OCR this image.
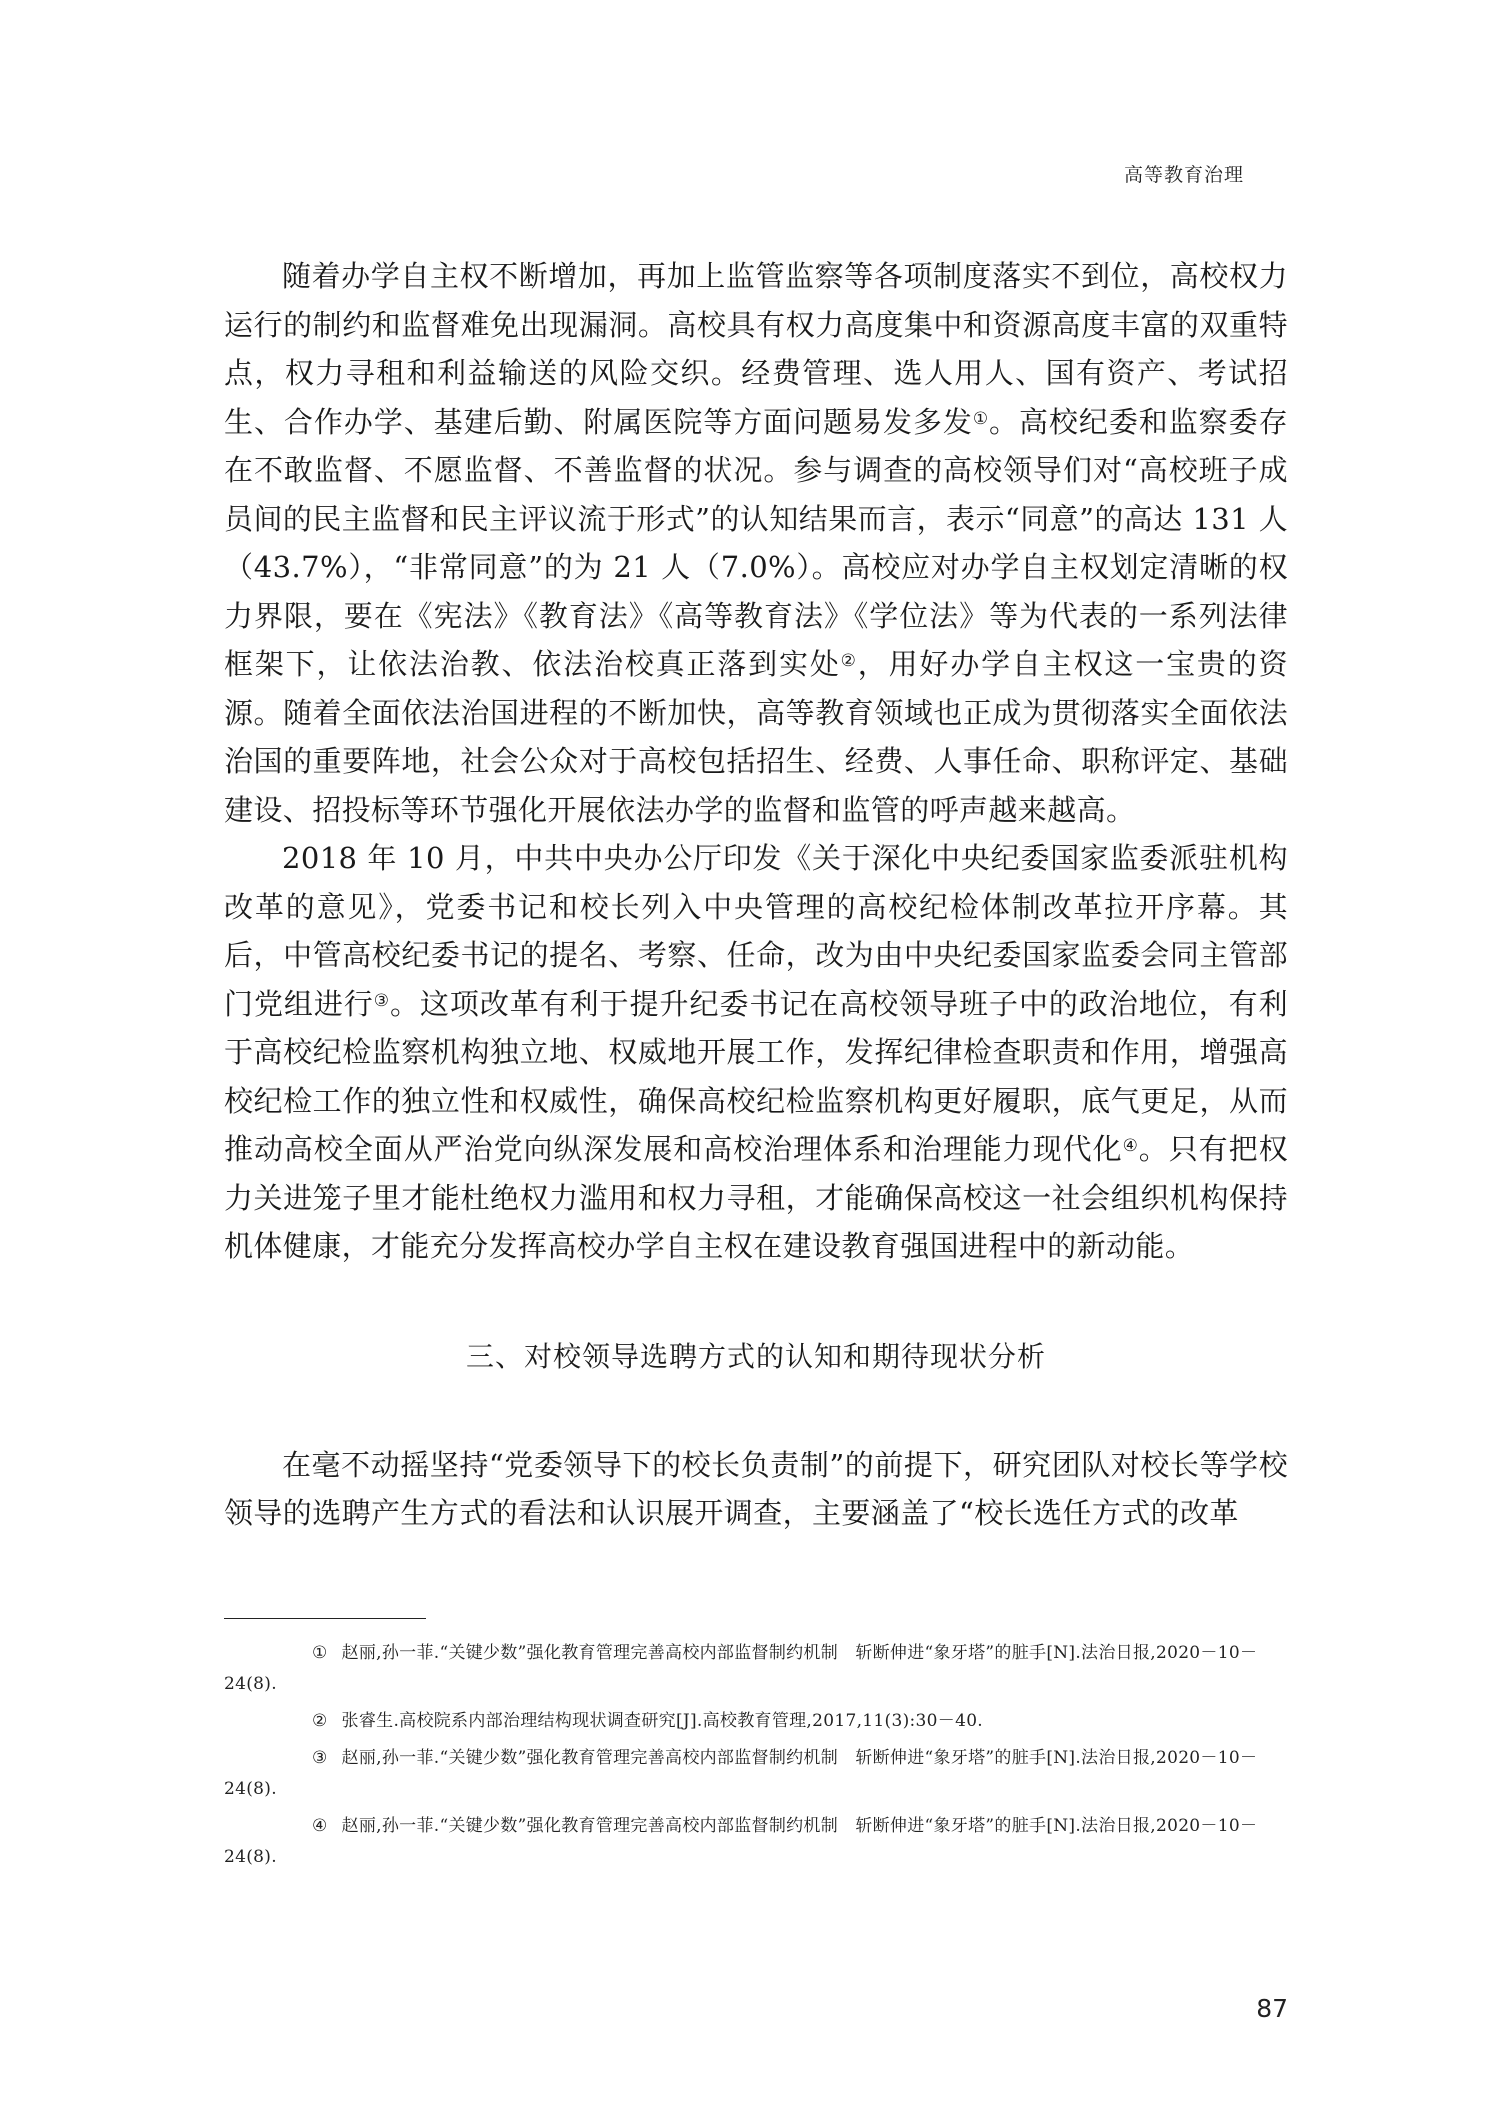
高等教育治理

随着办学自主权不断增加，再加上监管监察等各项制度落实不到位，高校权力运行的制约和监督难免出现漏洞。高校具有权力高度集中和资源高度丰富的双重特点，权力寻租和利益输送的风险交织。经费管理、选人用人、国有资产、考试招生、合作办学、基建后勤、附属医院等方面问题易发多发①。高校纪委和监察委存在不敢监督、不愿监督、不善监督的状况。参与调查的高校领导们对“高校班子成员间的民主监督和民主评议流于形式”的认知结果而言，表示“同意”的高达 131 人（43.7%），“非常同意”的为 21 人（7.0%）。高校应对办学自主权划定清晰的权力界限，要在《宪法》《教育法》《高等教育法》《学位法》等为代表的一系列法律框架下，让依法治教、依法治校真正落到实处②，用好办学自主权这一宝贵的资源。随着全面依法治国进程的不断加快，高等教育领域也正成为贯彻落实全面依法治国的重要阵地，社会公众对于高校包括招生、经费、人事任命、职称评定、基础建设、招投标等环节强化开展依法办学的监督和监管的呼声越来越高。

2018 年 10 月，中共中央办公厅印发《关于深化中央纪委国家监委派驻机构改革的意见》，党委书记和校长列入中央管理的高校纪检体制改革拉开序幕。其后，中管高校纪委书记的提名、考察、任命，改为由中央纪委国家监委会同主管部门党组进行③。这项改革有利于提升纪委书记在高校领导班子中的政治地位，有利于高校纪检监察机构独立地、权威地开展工作，发挥纪律检查职责和作用，增强高校纪检工作的独立性和权威性，确保高校纪检监察机构更好履职，底气更足，从而推动高校全面从严治党向纵深发展和高校治理体系和治理能力现代化④。只有把权力关进笼子里才能杜绝权力滥用和权力寻租，才能确保高校这一社会组织机构保持机体健康，才能充分发挥高校办学自主权在建设教育强国进程中的新动能。

三、对校领导选聘方式的认知和期待现状分析

在毫不动摇坚持“党委领导下的校长负责制”的前提下，研究团队对校长等学校领导的选聘产生方式的看法和认识展开调查，主要涵盖了“校长选任方式的改革

① 赵丽,孙一菲.“关键少数”强化教育管理完善高校内部监督制约机制　斩断伸进“象牙塔”的脏手[N].法治日报,2020－10－24(8).

② 张睿生.高校院系内部治理结构现状调查研究[J].高校教育管理,2017,11(3):30－40.

③ 赵丽,孙一菲.“关键少数”强化教育管理完善高校内部监督制约机制　斩断伸进“象牙塔”的脏手[N].法治日报,2020－10－24(8).

④ 赵丽,孙一菲.“关键少数”强化教育管理完善高校内部监督制约机制　斩断伸进“象牙塔”的脏手[N].法治日报,2020－10－24(8).

87
